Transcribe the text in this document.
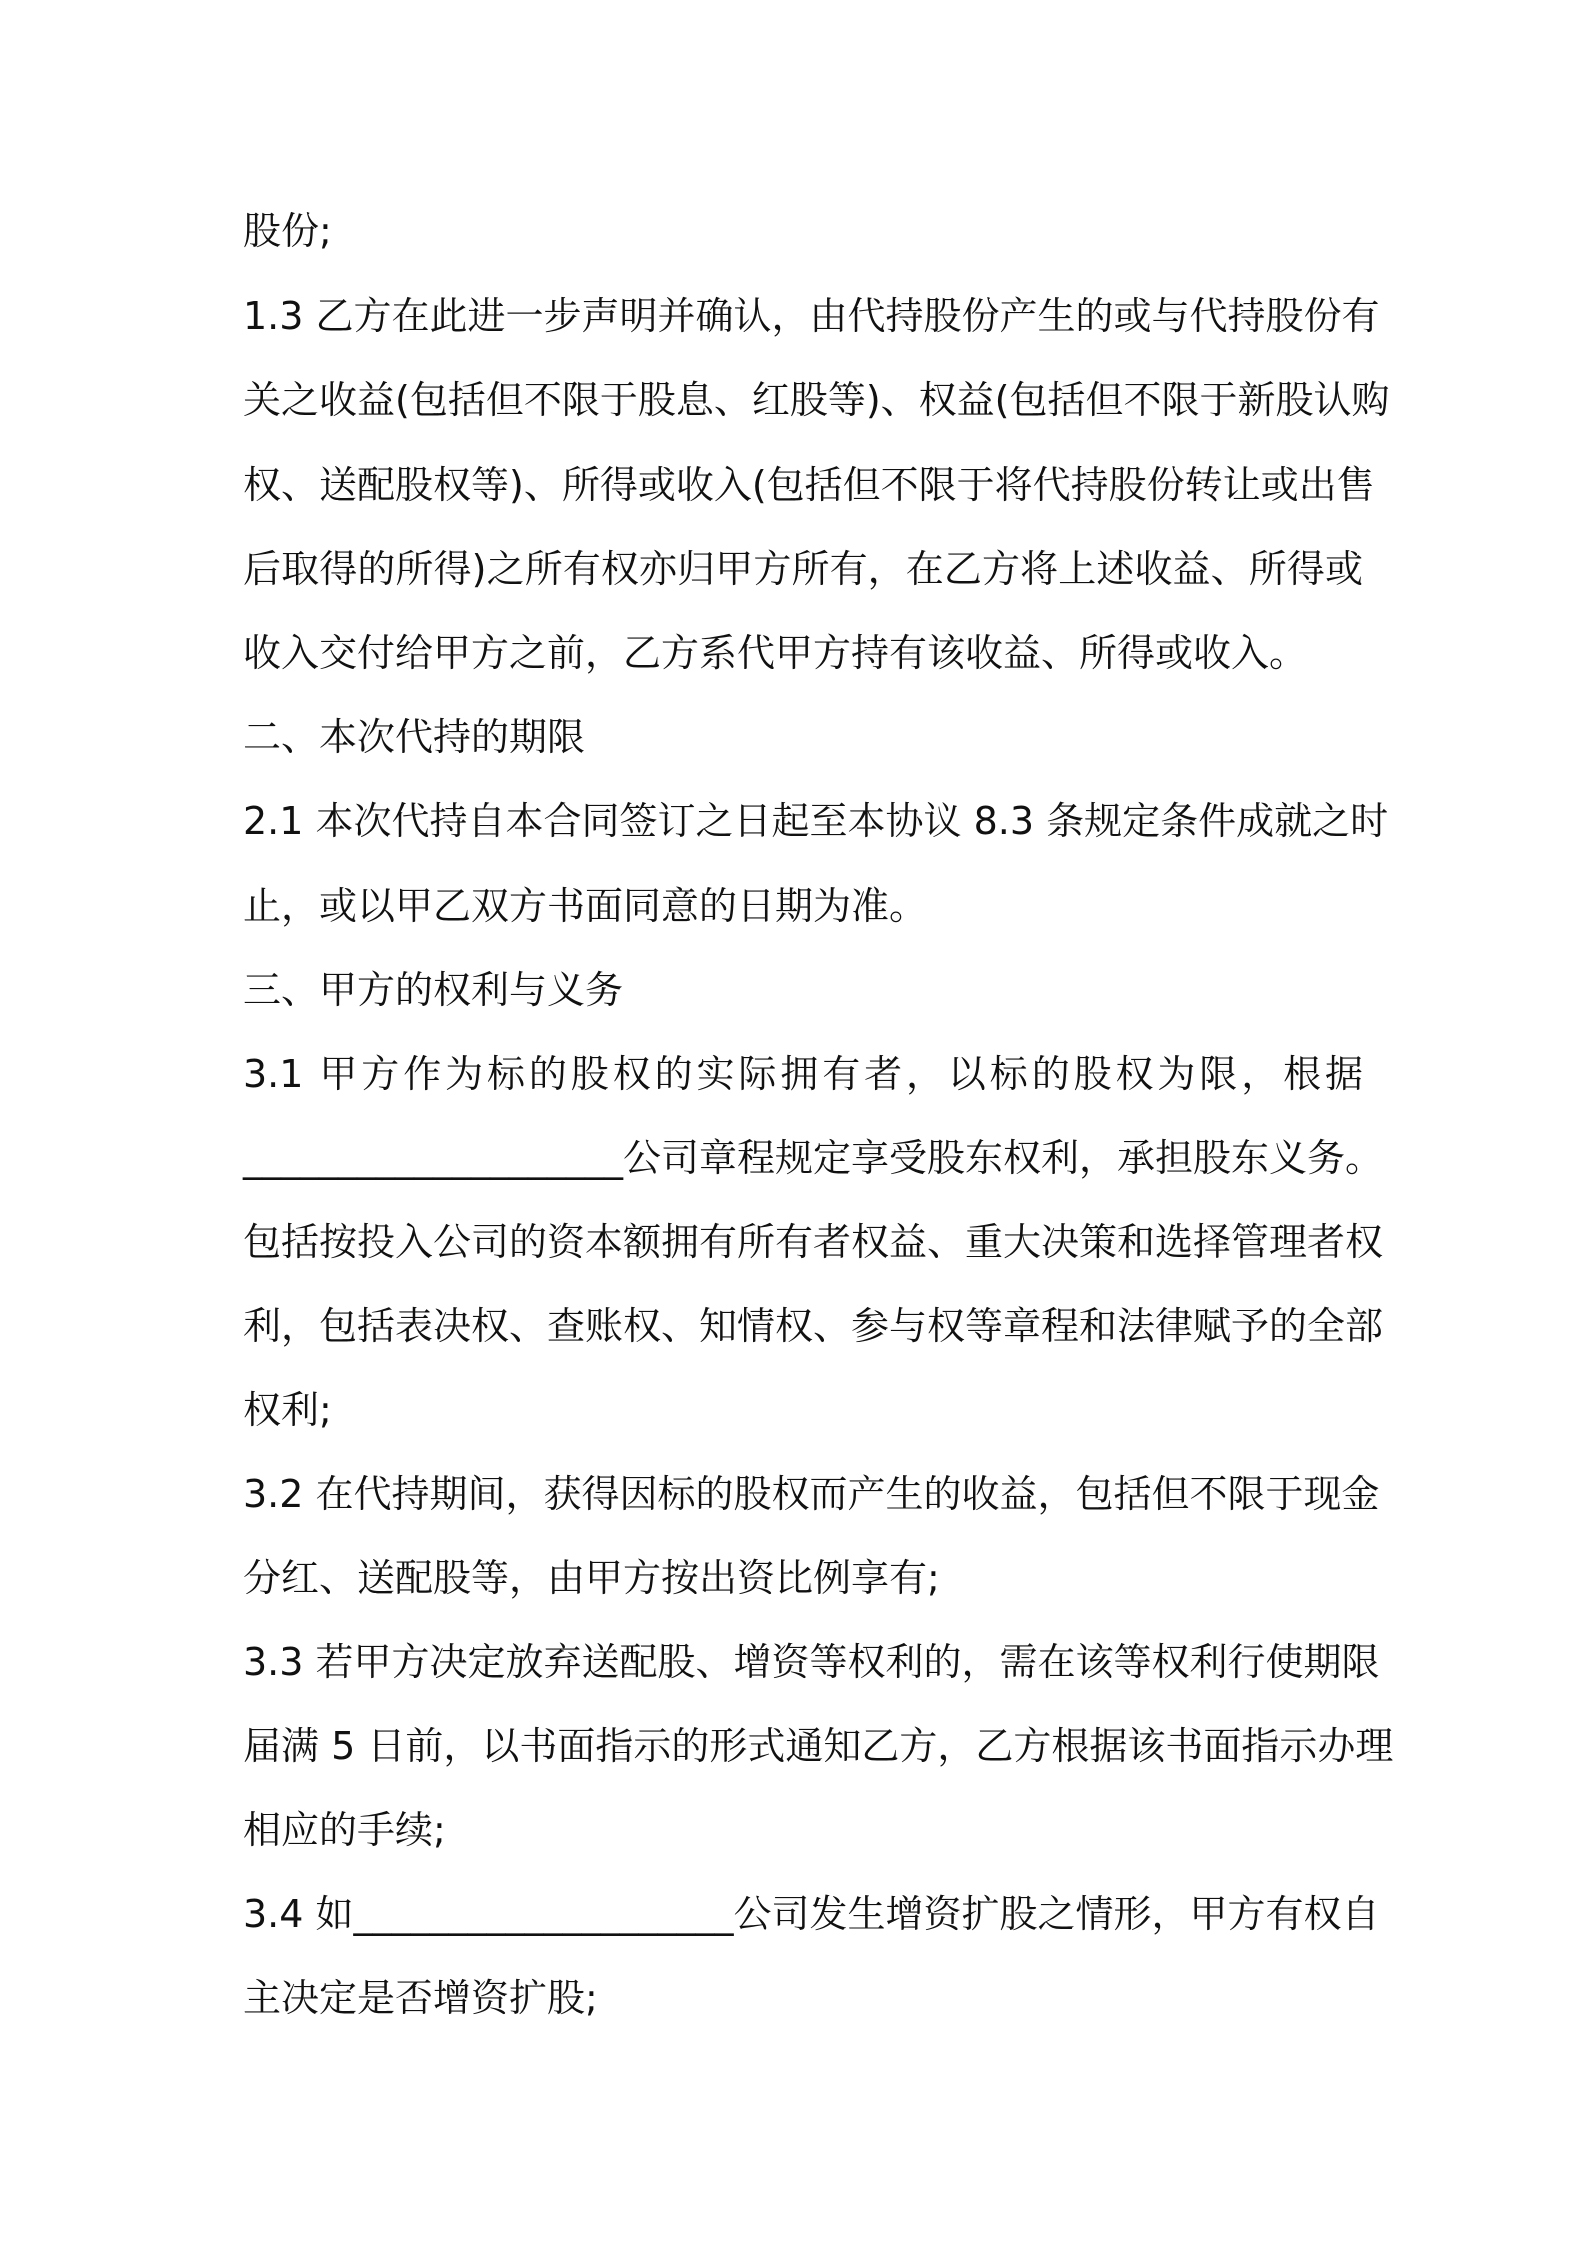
股份;
1.3 乙方在此进一步声明并确认，由代持股份产生的或与代持股份有
关之收益(包括但不限于股息、红股等)、权益(包括但不限于新股认购
权、送配股权等)、所得或收入(包括但不限于将代持股份转让或出售
后取得的所得)之所有权亦归甲方所有，在乙方将上述收益、所得或
收入交付给甲方之前，乙方系代甲方持有该收益、所得或收入。
二、本次代持的期限
2.1 本次代持自本合同签订之日起至本协议 8.3 条规定条件成就之时
止，或以甲乙双方书面同意的日期为准。
三、甲方的权利与义务
3.1 甲方作为标的股权的实际拥有者，以标的股权为限，根据
____________________公司章程规定享受股东权利，承担股东义务。
包括按投入公司的资本额拥有所有者权益、重大决策和选择管理者权
利，包括表决权、查账权、知情权、参与权等章程和法律赋予的全部
权利;
3.2 在代持期间，获得因标的股权而产生的收益，包括但不限于现金
分红、送配股等，由甲方按出资比例享有;
3.3 若甲方决定放弃送配股、增资等权利的，需在该等权利行使期限
届满 5 日前，以书面指示的形式通知乙方，乙方根据该书面指示办理
相应的手续;
3.4 如____________________公司发生增资扩股之情形，甲方有权自
主决定是否增资扩股;
